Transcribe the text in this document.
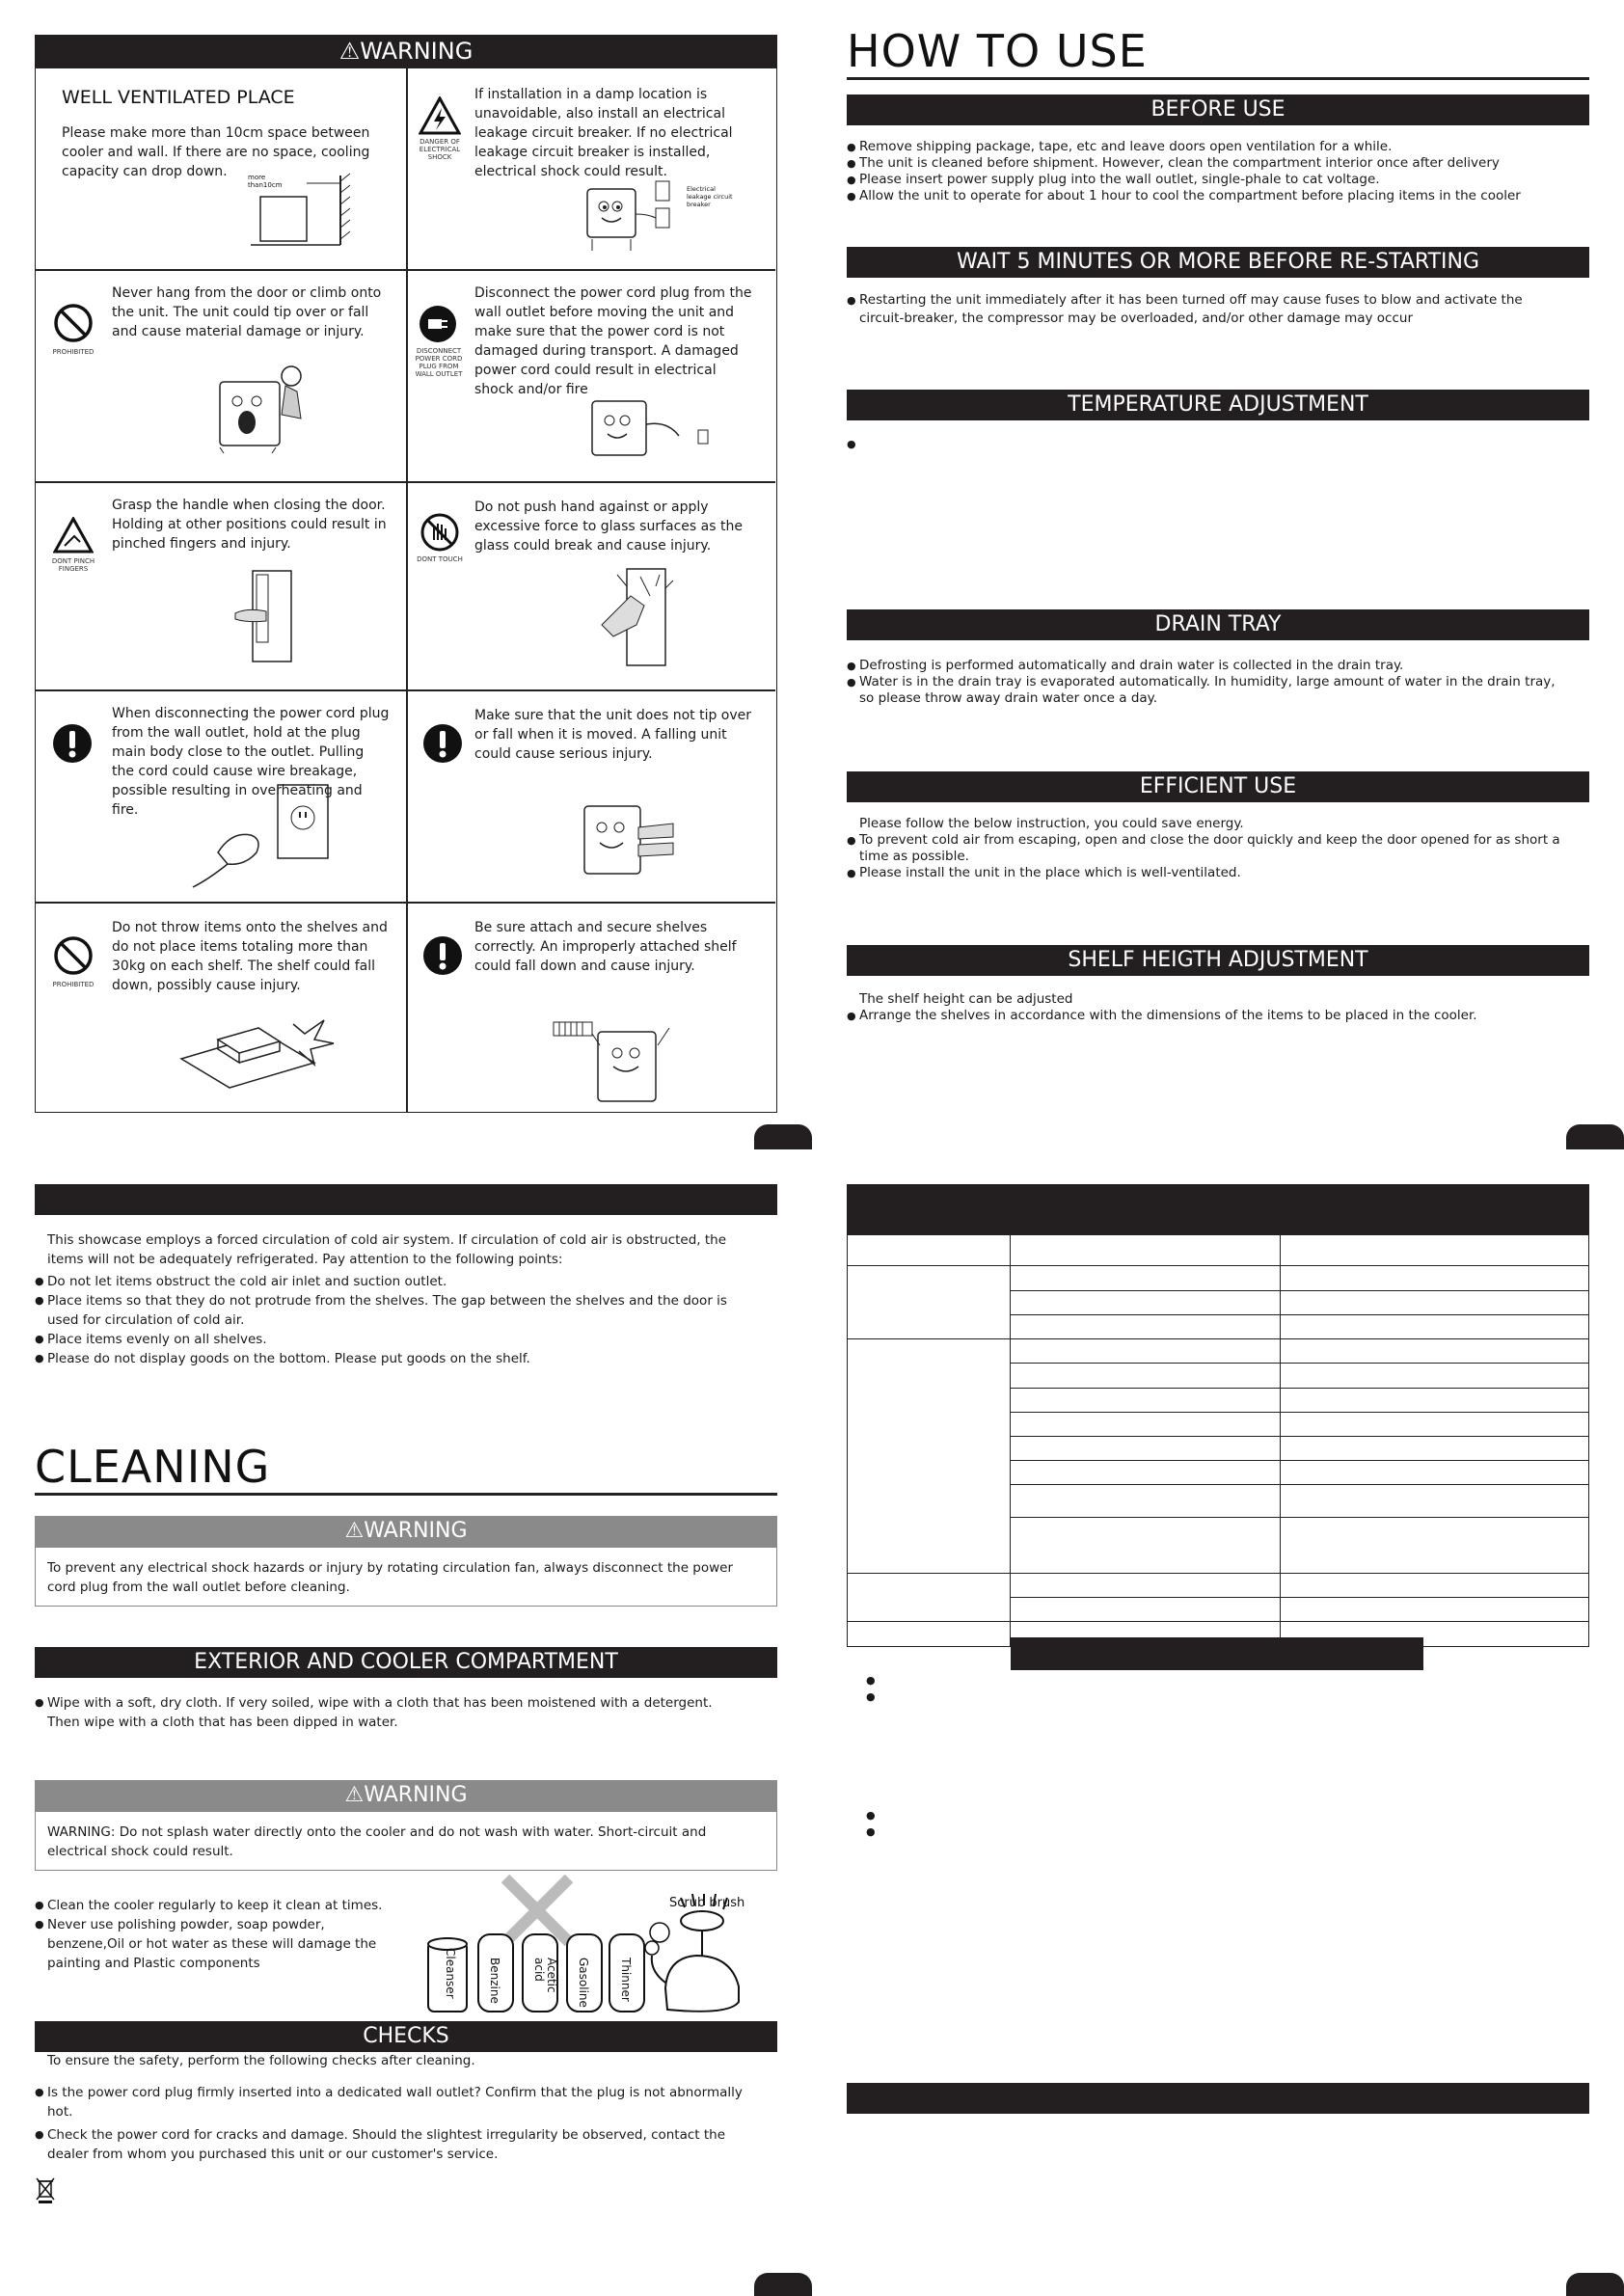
⚠WARNING
WELL VENTILATED PLACE
Please make more than 10cm space between cooler and wall. If there are no space, cooling capacity can drop down.	more than10cm
DANGER OF ELECTRICAL SHOCK
If installation in a damp location is unavoidable, also install an electrical leakage circuit breaker. If no electrical leakage circuit breaker is installed, electrical shock could result.
Electrical leakage circuit breaker
PROHIBITED
Never hang from the door or climb onto the unit. The unit could tip over or fall and cause material damage or injury.
DISCONNECT POWER CORD PLUG FROM WALL OUTLET
Disconnect the power cord plug from the wall outlet before moving the unit and make sure that the power cord is not damaged during transport. A damaged power cord could result in electrical shock and/or fire
DONT PINCH FINGERS
Grasp the handle when closing the door. Holding at other positions could result in pinched fingers and injury.
DONT TOUCH
Do not push hand against or apply excessive force to glass surfaces as the glass could break and cause injury.
When disconnecting the power cord plug from the wall outlet, hold at the plug main body close to the outlet. Pulling the cord could cause wire breakage, possible resulting in overheating and fire.
Make sure that the unit does not tip over or fall when it is moved. A falling unit could cause serious injury.
PROHIBITED
Do not throw items onto the shelves and do not place items totaling more than 30kg on each shelf. The shelf could fall down, possibly cause injury.
Be sure attach and secure shelves correctly. An improperly attached shelf could fall down and cause injury.
HOW TO USE
BEFORE USE
● Remove shipping package, tape, etc and leave doors open ventilation for a while.
● The unit is cleaned before shipment. However, clean the compartment interior once after delivery
● Please insert power supply plug into the wall outlet, single-phale to cat voltage.
● Allow the unit to operate for about 1 hour to cool the compartment before placing items in the cooler
WAIT 5 MINUTES OR MORE BEFORE RE-STARTING
● Restarting the unit immediately after it has been turned off may cause fuses to blow and activate the circuit-breaker, the compressor may be overloaded, and/or other damage may occur
TEMPERATURE ADJUSTMENT
●
DRAIN TRAY
● Defrosting is performed automatically and drain water is collected in the drain tray.
● Water is in the drain tray is evaporated automatically. In humidity, large amount of water in the drain tray, so please throw away drain water once a day.
EFFICIENT USE
Please follow the below instruction, you could save energy.
● To prevent cold air from escaping, open and close the door quickly and keep the door opened for as short a time as possible.
● Please install the unit in the place which is well-ventilated.
SHELF HEIGTH ADJUSTMENT
The shelf height can be adjusted
● Arrange the shelves in accordance with the dimensions of the items to be placed in the cooler.
This showcase employs a forced circulation of cold air system. If circulation of cold air is obstructed, the items will not be adequately refrigerated. Pay attention to the following points:
● Do not let items obstruct the cold air inlet and suction outlet.
● Place items so that they do not protrude from the shelves. The gap between the shelves and the door is used for circulation of cold air.
● Place items evenly on all shelves.
● Please do not display goods on the bottom. Please put goods on the shelf.
CLEANING
⚠WARNING
To prevent any electrical shock hazards or injury by rotating circulation fan, always disconnect the power cord plug from the wall outlet before cleaning.
EXTERIOR AND COOLER COMPARTMENT
● Wipe with a soft, dry cloth. If very soiled, wipe with a cloth that has been moistened with a detergent. Then wipe with a cloth that has been dipped in water.
⚠WARNING
WARNING: Do not splash water directly onto the cooler and do not wash with water. Short-circuit and electrical shock could result.
● Clean the cooler regularly to keep it clean at times.
● Never use polishing powder, soap powder, benzene,Oil or hot water as these will damage the painting and Plastic components
Scrub brush
Cleanser	Benzine	Acetic acid	Gasoline	Thinner
CHECKS
To ensure the safety, perform the following checks after cleaning.
● Is the power cord plug firmly inserted into a dedicated wall outlet? Confirm that the plug is not abnormally hot.
● Check the power cord for cracks and damage. Should the slightest irregularity be observed, contact the dealer from whom you purchased this unit or our customer's service.

●
●
●
●
